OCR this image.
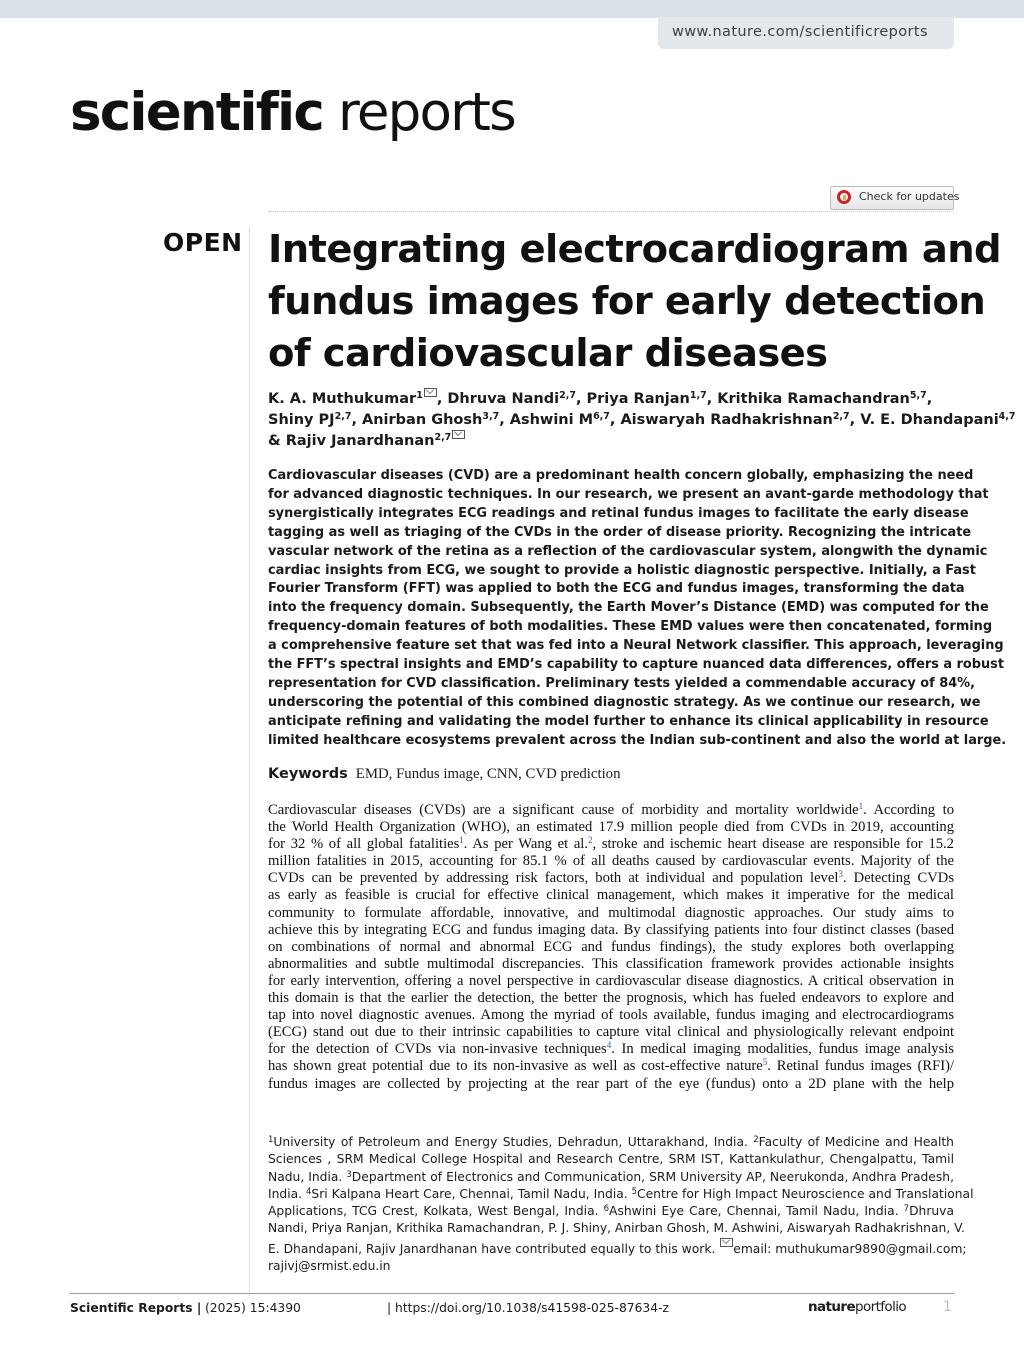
www.nature.com/scientificreports
scientific reports
Check for updates
OPEN Integrating electrocardiogram and
fundus images for early detection
of cardiovascular diseases
K. A. Muthukumar$^1$ , Dhruva Nandi$^{2,7}$, Priya Ranjan$^{1,7}$, Krithika Ramachandran$^{5,7}$,
Shiny PJ$^{2,7}$, Anirban Ghosh$^{3,7}$, Ashwini M$^{6,7}$, Aiswaryah Radhakrishnan$^{2,7}$, V. E. Dhandapani$^{4,7}$
& Rajiv Janardhanan$^{2,7}$
Cardiovascular diseases (CVD) are a predominant health concern globally, emphasizing the need
for advanced diagnostic techniques. In our research, we present an avant-garde methodology that
synergistically integrates ECG readings and retinal fundus images to facilitate the early disease
tagging as well as triaging of the CVDs in the order of disease priority. Recognizing the intricate
vascular network of the retina as a reflection of the cardiovascular system, alongwith the dynamic
cardiac insights from ECG, we sought to provide a holistic diagnostic perspective. Initially, a Fast
Fourier Transform (FFT) was applied to both the ECG and fundus images, transforming the data
into the frequency domain. Subsequently, the Earth Mover’s Distance (EMD) was computed for the
frequency-domain features of both modalities. These EMD values were then concatenated, forming
a comprehensive feature set that was fed into a Neural Network classifier. This approach, leveraging
the FFT’s spectral insights and EMD’s capability to capture nuanced data differences, offers a robust
representation for CVD classification. Preliminary tests yielded a commendable accuracy of 84%,
underscoring the potential of this combined diagnostic strategy. As we continue our research, we
anticipate refining and validating the model further to enhance its clinical applicability in resource
limited healthcare ecosystems prevalent across the Indian sub-continent and also the world at large.
Keywords EMD, Fundus image, CNN, CVD prediction
Cardiovascular diseases (CVDs) are a significant cause of morbidity and mortality worldwide$^1$. According to
the World Health Organization (WHO), an estimated 17.9 million people died from CVDs in 2019, accounting
for 32 % of all global fatalities$^1$. As per Wang et al.$^2$, stroke and ischemic heart disease are responsible for 15.2
million fatalities in 2015, accounting for 85.1 % of all deaths caused by cardiovascular events. Majority of the
CVDs can be prevented by addressing risk factors, both at individual and population level$^3$. Detecting CVDs
as early as feasible is crucial for effective clinical management, which makes it imperative for the medical
community to formulate affordable, innovative, and multimodal diagnostic approaches. Our study aims to
achieve this by integrating ECG and fundus imaging data. By classifying patients into four distinct classes (based
on combinations of normal and abnormal ECG and fundus findings), the study explores both overlapping
abnormalities and subtle multimodal discrepancies. This classification framework provides actionable insights
for early intervention, offering a novel perspective in cardiovascular disease diagnostics. A critical observation in
this domain is that the earlier the detection, the better the prognosis, which has fueled endeavors to explore and
tap into novel diagnostic avenues. Among the myriad of tools available, fundus imaging and electrocardiograms
(ECG) stand out due to their intrinsic capabilities to capture vital clinical and physiologically relevant endpoint
for the detection of CVDs via non-invasive techniques$^4$. In medical imaging modalities, fundus image analysis
has shown great potential due to its non-invasive as well as cost-effective nature$^5$. Retinal fundus images (RFI)/
fundus images are collected by projecting at the rear part of the eye (fundus) onto a 2D plane with the help
$^1$University of Petroleum and Energy Studies, Dehradun, Uttarakhand, India. $^2$Faculty of Medicine and Health
Sciences , SRM Medical College Hospital and Research Centre, SRM IST, Kattankulathur, Chengalpattu, Tamil
Nadu, India. $^3$Department of Electronics and Communication, SRM University AP, Neerukonda, Andhra Pradesh,
India. $^4$Sri Kalpana Heart Care, Chennai, Tamil Nadu, India. $^5$Centre for High Impact Neuroscience and Translational
Applications, TCG Crest, Kolkata, West Bengal, India. $^6$Ashwini Eye Care, Chennai, Tamil Nadu, India. $^7$Dhruva
Nandi, Priya Ranjan, Krithika Ramachandran, P. J. Shiny, Anirban Ghosh, M. Ashwini, Aiswaryah Radhakrishnan, V.
E. Dhandapani, Rajiv Janardhanan have contributed equally to this work. email: muthukumar9890@gmail.com;
rajivj@srmist.edu.in
Scientific Reports | (2025) 15:4390	| https://doi.org/10.1038/s41598-025-87634-z	natureportfolio	1
